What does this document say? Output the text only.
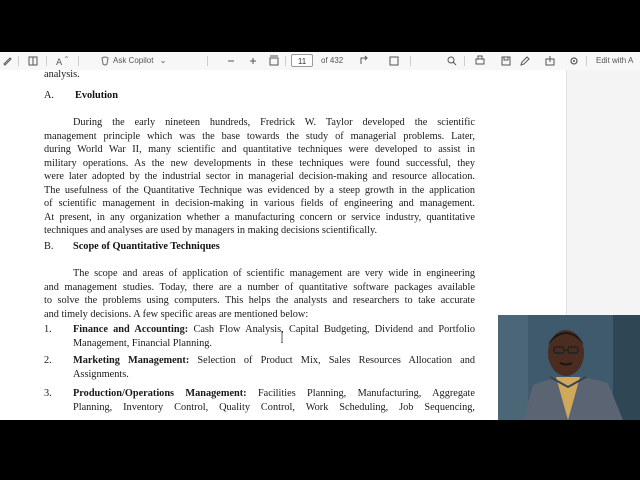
A ^	Ask Copilot ⌄	11	of 432	Edit with A
analysis.
A. Evolution
During the early nineteen hundreds, Fredrick W. Taylor developed the scientific
management principle which was the base towards the study of managerial problems. Later,
during World War II, many scientific and quantitative techniques were developed to assist in
military operations. As the new developments in these techniques were found successful, they
were later adopted by the industrial sector in managerial decision-making and resource allocation.
The usefulness of the Quantitative Technique was evidenced by a steep growth in the application
of scientific management in decision-making in various fields of engineering and management.
At present, in any organization whether a manufacturing concern or service industry, quantitative
techniques and analyses are used by managers in making decisions scientifically.
B. Scope of Quantitative Techniques
The scope and areas of application of scientific management are very wide in engineering
and management studies. Today, there are a number of quantitative software packages available
to solve the problems using computers. This helps the analysts and researchers to take accurate
and timely decisions. A few specific areas are mentioned below:
1. Finance and Accounting: Cash Flow Analysis, Capital Budgeting, Dividend and Portfolio
Management, Financial Planning.
2. Marketing Management: Selection of Product Mix, Sales Resources Allocation and
Assignments.
3. Production/Operations Management: Facilities Planning, Manufacturing, Aggregate
Planning, Inventory Control, Quality Control, Work Scheduling, Job Sequencing,
